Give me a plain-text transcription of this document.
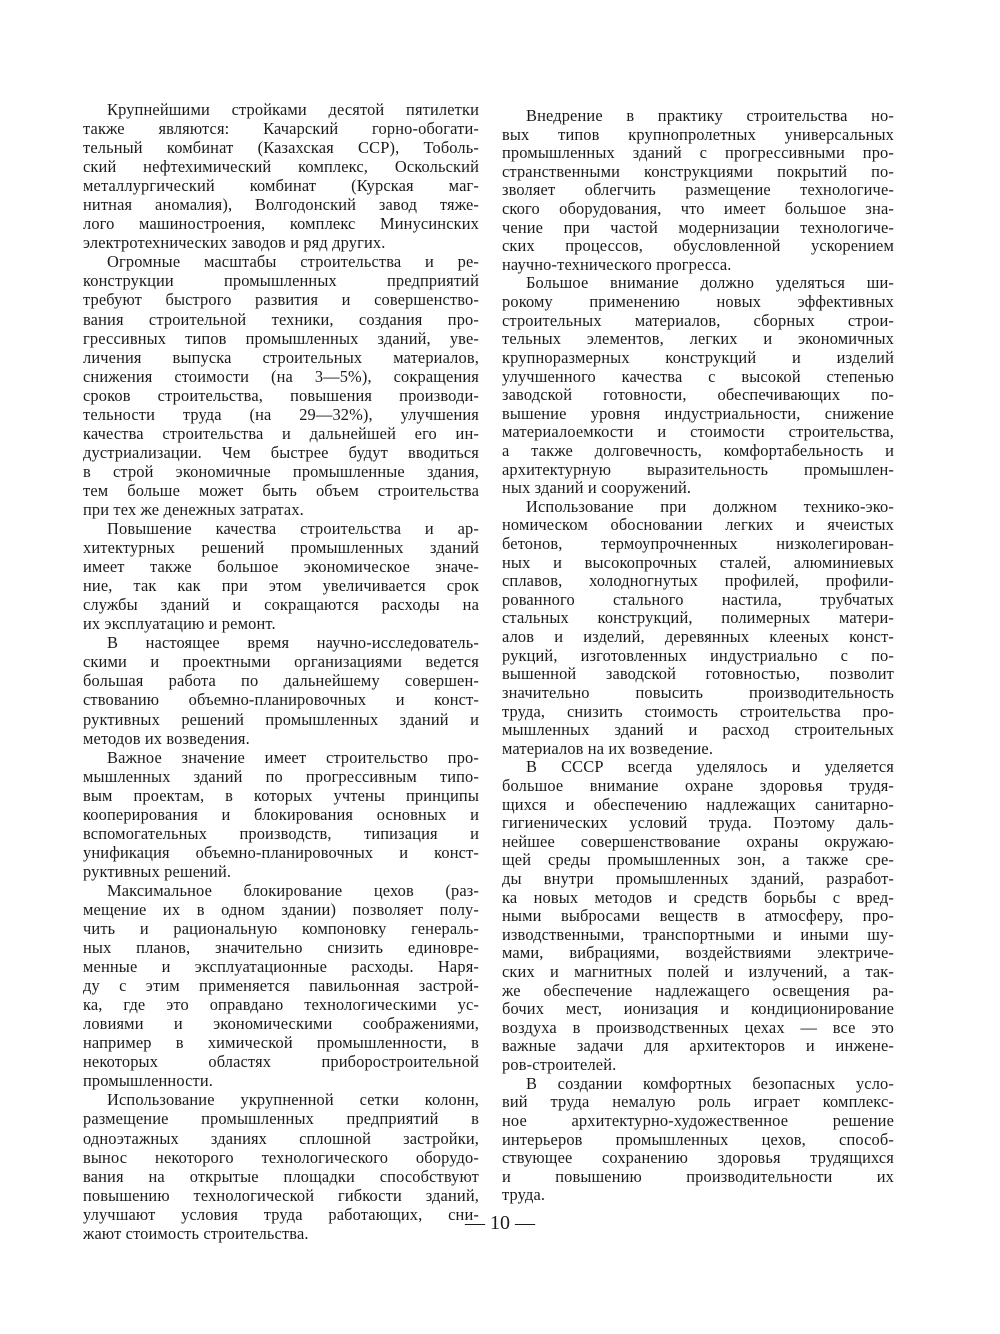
Крупнейшими стройками десятой пятилетки
также являются: Качарский горно-обогати-
тельный комбинат (Казахская ССР), Тоболь-
ский нефтехимический комплекс, Оскольский
металлургический комбинат (Курская маг-
нитная аномалия), Волгодонский завод тяже-
лого машиностроения, комплекс Минусинских
электротехнических заводов и ряд других.
Огромные масштабы строительства и ре-
конструкции промышленных предприятий
требуют быстрого развития и совершенство-
вания строительной техники, создания про-
грессивных типов промышленных зданий, уве-
личения выпуска строительных материалов,
снижения стоимости (на 3—5%), сокращения
сроков строительства, повышения производи-
тельности труда (на 29—32%), улучшения
качества строительства и дальнейшей его ин-
дустриализации. Чем быстрее будут вводиться
в строй экономичные промышленные здания,
тем больше может быть объем строительства
при тех же денежных затратах.
Повышение качества строительства и ар-
хитектурных решений промышленных зданий
имеет также большое экономическое значе-
ние, так как при этом увеличивается срок
службы зданий и сокращаются расходы на
их эксплуатацию и ремонт.
В настоящее время научно-исследователь-
скими и проектными организациями ведется
большая работа по дальнейшему совершен-
ствованию объемно-планировочных и конст-
руктивных решений промышленных зданий и
методов их возведения.
Важное значение имеет строительство про-
мышленных зданий по прогрессивным типо-
вым проектам, в которых учтены принципы
кооперирования и блокирования основных и
вспомогательных производств, типизация и
унификация объемно-планировочных и конст-
руктивных решений.
Максимальное блокирование цехов (раз-
мещение их в одном здании) позволяет полу-
чить и рациональную компоновку генераль-
ных планов, значительно снизить единовре-
менные и эксплуатационные расходы. Наря-
ду с этим применяется павильонная застрой-
ка, где это оправдано технологическими ус-
ловиями и экономическими соображениями,
например в химической промышленности, в
некоторых областях приборостроительной
промышленности.
Использование укрупненной сетки колонн,
размещение промышленных предприятий в
одноэтажных зданиях сплошной застройки,
вынос некоторого технологического оборудо-
вания на открытые площадки способствуют
повышению технологической гибкости зданий,
улучшают условия труда работающих, сни-
жают стоимость строительства.
Внедрение в практику строительства но-
вых типов крупнопролетных универсальных
промышленных зданий с прогрессивными про-
странственными конструкциями покрытий по-
зволяет облегчить размещение технологиче-
ского оборудования, что имеет большое зна-
чение при частой модернизации технологиче-
ских процессов, обусловленной ускорением
научно-технического прогресса.
Большое внимание должно уделяться ши-
рокому применению новых эффективных
строительных материалов, сборных строи-
тельных элементов, легких и экономичных
крупноразмерных конструкций и изделий
улучшенного качества с высокой степенью
заводской готовности, обеспечивающих по-
вышение уровня индустриальности, снижение
материалоемкости и стоимости строительства,
а также долговечность, комфортабельность и
архитектурную выразительность промышлен-
ных зданий и сооружений.
Использование при должном технико-эко-
номическом обосновании легких и ячеистых
бетонов, термоупрочненных низколегирован-
ных и высокопрочных сталей, алюминиевых
сплавов, холодногнутых профилей, профили-
рованного стального настила, трубчатых
стальных конструкций, полимерных матери-
алов и изделий, деревянных клееных конст-
рукций, изготовленных индустриально с по-
вышенной заводской готовностью, позволит
значительно повысить производительность
труда, снизить стоимость строительства про-
мышленных зданий и расход строительных
материалов на их возведение.
В СССР всегда уделялось и уделяется
большое внимание охране здоровья трудя-
щихся и обеспечению надлежащих санитарно-
гигиенических условий труда. Поэтому даль-
нейшее совершенствование охраны окружаю-
щей среды промышленных зон, а также сре-
ды внутри промышленных зданий, разработ-
ка новых методов и средств борьбы с вред-
ными выбросами веществ в атмосферу, про-
изводственными, транспортными и иными шу-
мами, вибрациями, воздействиями электриче-
ских и магнитных полей и излучений, а так-
же обеспечение надлежащего освещения ра-
бочих мест, ионизация и кондиционирование
воздуха в производственных цехах — все это
важные задачи для архитекторов и инжене-
ров-строителей.
В создании комфортных безопасных усло-
вий труда немалую роль играет комплекс-
ное архитектурно-художественное решение
интерьеров промышленных цехов, способ-
ствующее сохранению здоровья трудящихся
и повышению производительности их
труда.
— 10 —
